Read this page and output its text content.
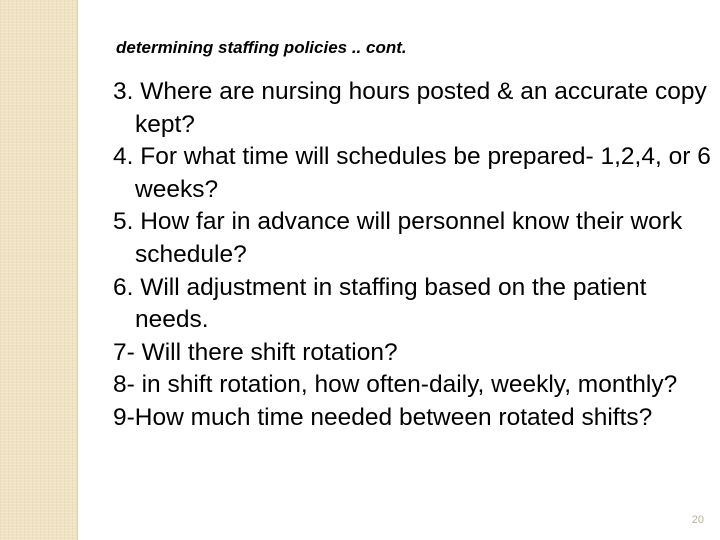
determining staffing policies .. cont.
3. Where are nursing hours posted & an accurate copy kept?
4. For what time will schedules be prepared- 1,2,4, or 6 weeks?
5. How far in advance will personnel know their work schedule?
6. Will adjustment in staffing based on the patient needs.
7- Will there shift rotation?
8- in shift rotation, how often-daily, weekly, monthly?
9-How much time needed between rotated shifts?
20
